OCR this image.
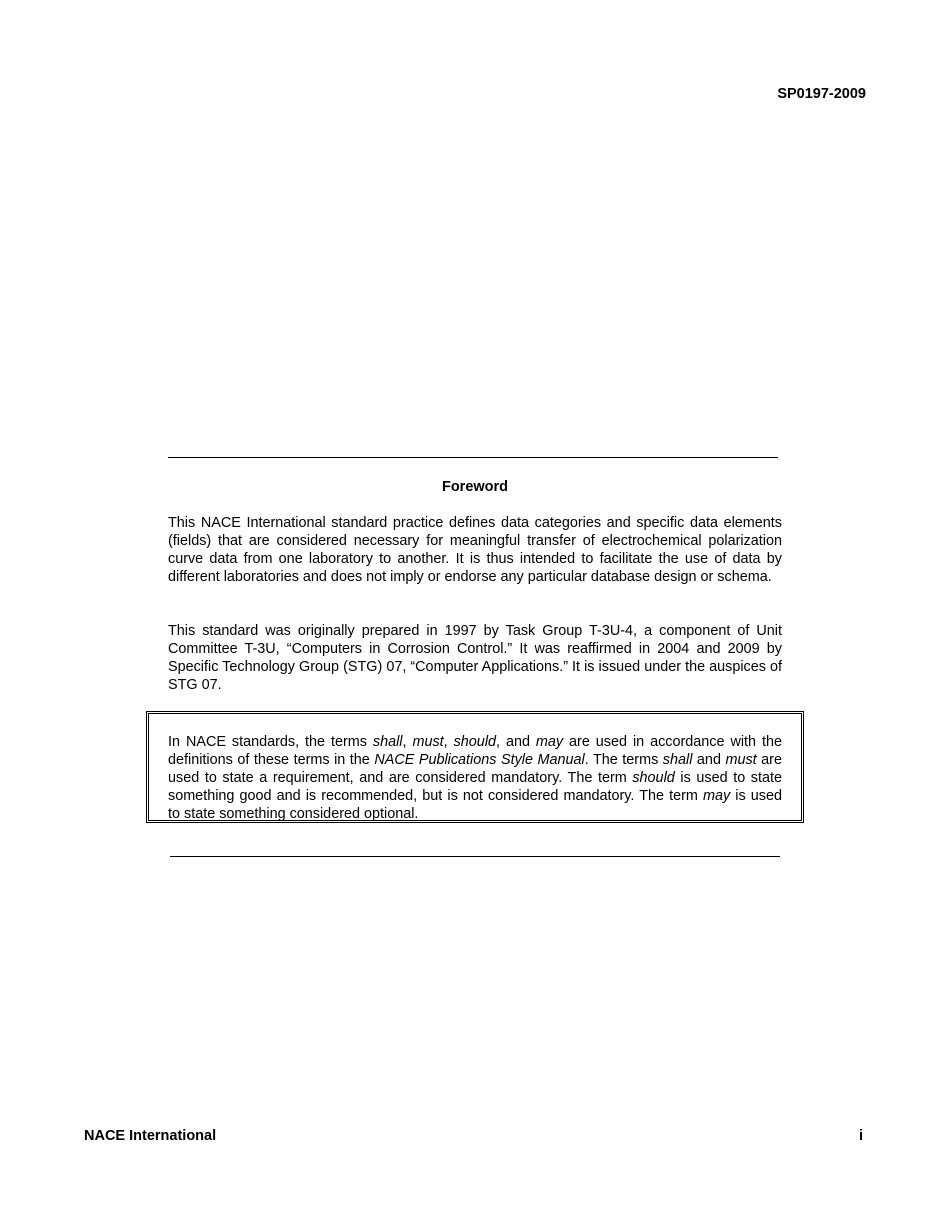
SP0197-2009
Foreword

This NACE International standard practice defines data categories and specific data elements (fields) that are considered necessary for meaningful transfer of electrochemical polarization curve data from one laboratory to another. It is thus intended to facilitate the use of data by different laboratories and does not imply or endorse any particular database design or schema.

This standard was originally prepared in 1997 by Task Group T-3U-4, a component of Unit Committee T-3U, “Computers in Corrosion Control.” It was reaffirmed in 2004 and 2009 by Specific Technology Group (STG) 07, “Computer Applications.” It is issued under the auspices of STG 07.

In NACE standards, the terms shall, must, should, and may are used in accordance with the definitions of these terms in the NACE Publications Style Manual. The terms shall and must are used to state a requirement, and are considered mandatory. The term should is used to state something good and is recommended, but is not considered mandatory. The term may is used to state something considered optional.

NACE International	i
